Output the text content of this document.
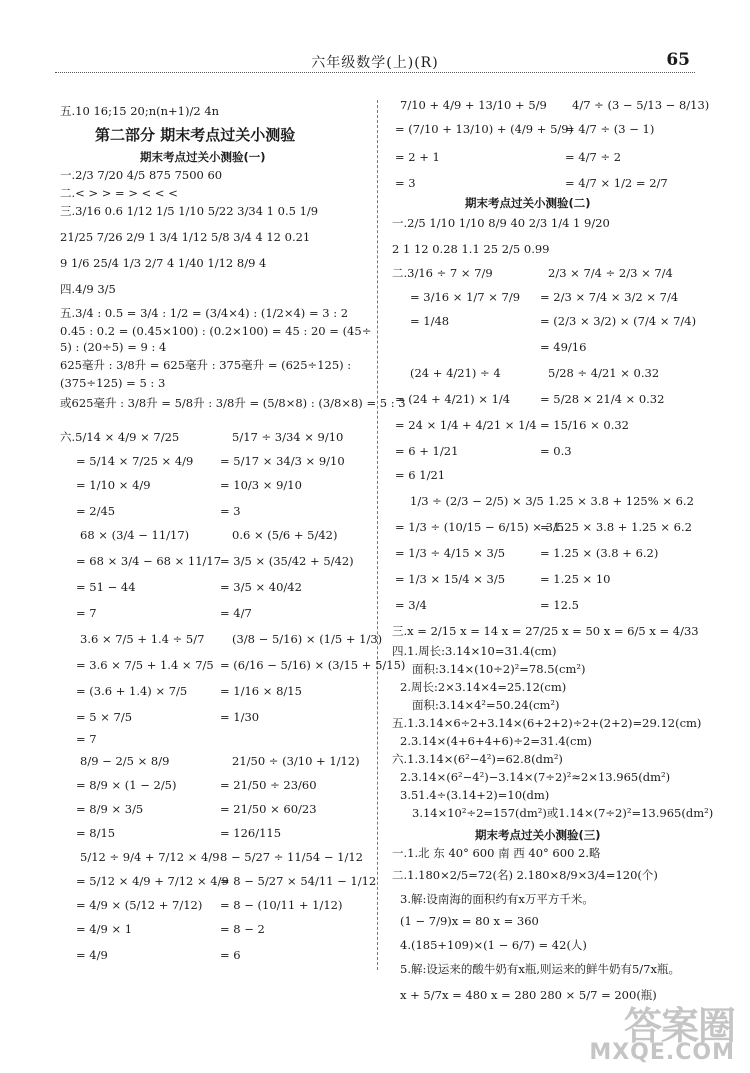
六年级数学(上)(R)	65
五.10 16;15 20;n(n+1)/2 4n
第二部分 期末考点过关小测验
期末考点过关小测验(一)
一.2/3 7/20 4/5 875 7500 60
二.< > > = > < < <
三.3/16 0.6 1/12 1/5 1/10 5/22 3/34 1 0.5 1/9
21/25 7/26 2/9 1 3/4 1/12 5/8 3/4 4 12 0.21
9 1/6 25/4 1/3 2/7 4 1/40 1/12 8/9 4
四.4/9 3/5
五.3/4 : 0.5 = 3/4 : 1/2 = (3/4×4) : (1/2×4) = 3 : 2
0.45 : 0.2 = (0.45×100) : (0.2×100) = 45 : 20 = (45÷
5) : (20÷5) = 9 : 4
625毫升 : 3/8升 = 625毫升 : 375毫升 = (625÷125) :
(375÷125) = 5 : 3
或625毫升 : 3/8升 = 5/8升 : 3/8升 = (5/8×8) : (3/8×8) = 5 : 3
六.5/14 × 4/9 × 7/25
= 5/14 × 7/25 × 4/9
= 1/10 × 4/9
= 2/45
68 × (3/4 − 11/17)
= 68 × 3/4 − 68 × 11/17
= 51 − 44
= 7
3.6 × 7/5 + 1.4 ÷ 5/7
= 3.6 × 7/5 + 1.4 × 7/5
= (3.6 + 1.4) × 7/5
= 5 × 7/5
= 7
8/9 − 2/5 × 8/9
= 8/9 × (1 − 2/5)
= 8/9 × 3/5
= 8/15
5/12 ÷ 9/4 + 7/12 × 4/9
= 5/12 × 4/9 + 7/12 × 4/9
= 4/9 × (5/12 + 7/12)
= 4/9 × 1
= 4/9
5/17 ÷ 3/34 × 9/10
= 5/17 × 34/3 × 9/10
= 10/3 × 9/10
= 3
0.6 × (5/6 + 5/42)
= 3/5 × (35/42 + 5/42)
= 3/5 × 40/42
= 4/7
(3/8 − 5/16) × (1/5 + 1/3)
= (6/16 − 5/16) × (3/15 + 5/15)
= 1/16 × 8/15
= 1/30
21/50 ÷ (3/10 + 1/12)
= 21/50 ÷ 23/60
= 21/50 × 60/23
= 126/115
8 − 5/27 ÷ 11/54 − 1/12
= 8 − 5/27 × 54/11 − 1/12
= 8 − (10/11 + 1/12)
= 8 − 2
= 6
7/10 + 4/9 + 13/10 + 5/9
= (7/10 + 13/10) + (4/9 + 5/9)
= 2 + 1
= 3
4/7 ÷ (3 − 5/13 − 8/13)
= 4/7 ÷ (3 − 1)
= 4/7 ÷ 2
= 4/7 × 1/2 = 2/7
期末考点过关小测验(二)
一.2/5 1/10 1/10 8/9 40 2/3 1/4 1 9/20
2 1 12 0.28 1.1 25 2/5 0.99
二.3/16 ÷ 7 × 7/9
= 3/16 × 1/7 × 7/9
= 1/48
2/3 × 7/4 ÷ 2/3 × 7/4
= 2/3 × 7/4 × 3/2 × 7/4
= (2/3 × 3/2) × (7/4 × 7/4)
= 49/16
(24 + 4/21) ÷ 4
= (24 + 4/21) × 1/4
= 24 × 1/4 + 4/21 × 1/4
= 6 + 1/21
= 6 1/21
5/28 ÷ 4/21 × 0.32
= 5/28 × 21/4 × 0.32
= 15/16 × 0.32
= 0.3
1/3 ÷ (2/3 − 2/5) × 3/5
= 1/3 ÷ (10/15 − 6/15) × 3/5
= 1/3 ÷ 4/15 × 3/5
= 1/3 × 15/4 × 3/5
= 3/4
1.25 × 3.8 + 125% × 6.2
= 1.25 × 3.8 + 1.25 × 6.2
= 1.25 × (3.8 + 6.2)
= 1.25 × 10
= 12.5
三.x = 2/15 x = 14 x = 27/25 x = 50 x = 6/5 x = 4/33
四.1.周长:3.14×10=31.4(cm)
面积:3.14×(10÷2)²=78.5(cm²)
2.周长:2×3.14×4=25.12(cm)
面积:3.14×4²=50.24(cm²)
五.1.3.14×6÷2+3.14×(6+2+2)÷2+(2+2)=29.12(cm)
2.3.14×(4+6+4+6)÷2=31.4(cm)
六.1.3.14×(6²−4²)=62.8(dm²)
2.3.14×(6²−4²)−3.14×(7÷2)²≈2×13.965(dm²)
3.51.4÷(3.14+2)=10(dm)
3.14×10²÷2=157(dm²)或1.14×(7÷2)²=13.965(dm²)
期末考点过关小测验(三)
一.1.北 东 40° 600 南 西 40° 600 2.略
二.1.180×2/5=72(名) 2.180×8/9×3/4=120(个)
3.解:设南海的面积约有x万平方千米。
(1 − 7/9)x = 80 x = 360
4.(185+109)×(1 − 6/7) = 42(人)
5.解:设运来的酸牛奶有x瓶,则运来的鲜牛奶有5/7x瓶。
x + 5/7x = 480 x = 280 280 × 5/7 = 200(瓶)
答案圈
MXQE.COM
